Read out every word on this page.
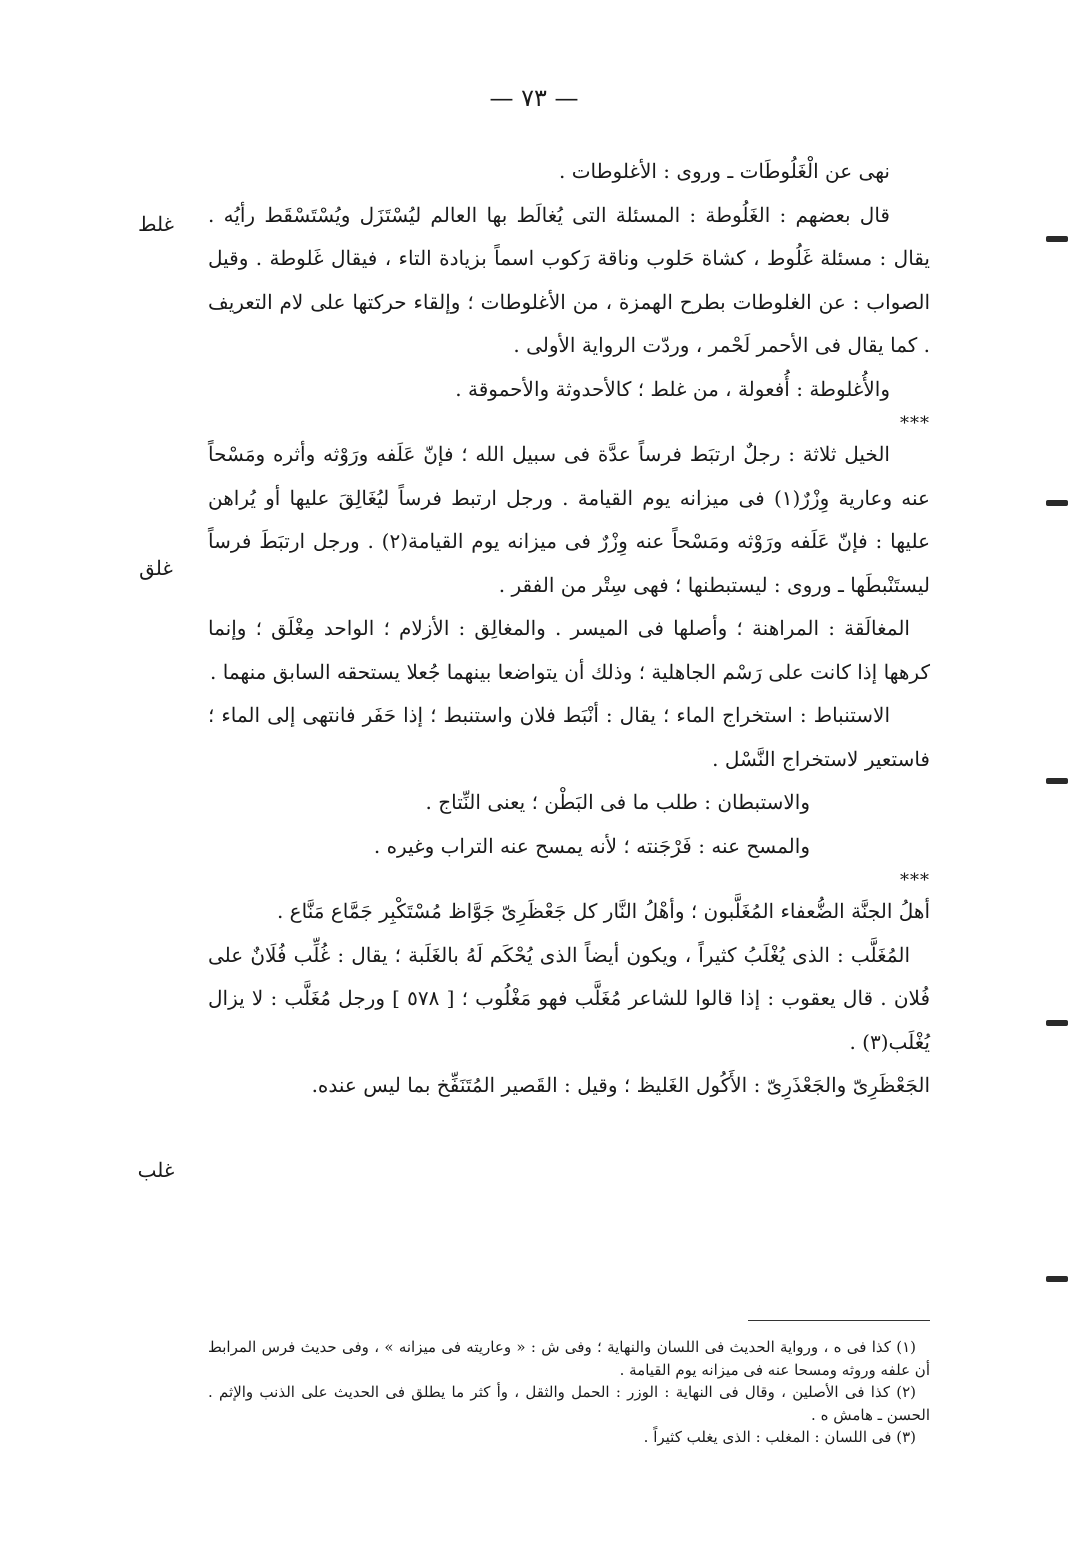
— ٧٣ —
غلط
غلق
غلب

نهى عن الْغَلُوطَات ـ وروى : الأغلوطات .

قال بعضهم : الغَلُوطة : المسئلة التى يُغالَط بها العالم ليُسْتَزَل ويُسْتَسْقَط رأيُه . يقال : مسئلة غَلُوط ، كشاة حَلوب وناقة رَكوب اسماً بزيادة التاء ، فيقال غَلوطة . وقيل الصواب : عن الغلوطات بطرح الهمزة ، من الأغلوطات ؛ وإلقاء حركتها على لام التعريف . كما يقال فى الأحمر لَحْمر ، وردّت الرواية الأولى .

والأُغلوطة : أُفعولة ، من غلط ؛ كالأحدوثة والأحموقة .

***

الخيل ثلاثة : رجلٌ ارتبَط فرساً عدَّة فى سبيل الله ؛ فإنّ عَلَفه ورَوْثه وأثره ومَسْحاً عنه وعارية وِزْرٌ(١) فى ميزانه يوم القيامة . ورجل ارتبط فرساً ليُغَالِقَ عليها أو يُراهن عليها : فإنّ عَلَفه ورَوْثه ومَسْحاً عنه وِزْرٌ فى ميزانه يوم القيامة(٢) . ورجل ارتبَطَ فرساً ليستَنْبطَها ـ وروى : ليستبطنها ؛ فهى سِتْر من الفقر .

المغالَقة : المراهنة ؛ وأصلها فى الميسر . والمغالِق : الأزلام ؛ الواحد مِغْلَق ؛ وإنما كرهها إذا كانت على رَسْم الجاهلية ؛ وذلك أن يتواضعا بينهما جُعلا يستحقه السابق منهما .

الاستنباط : استخراج الماء ؛ يقال : أنْبَط فلان واستنبط ؛ إذا حَفَر فانتهى إلى الماء ؛ فاستعير لاستخراج النَّسْل .

والاستبطان : طلب ما فى البَطْن ؛ يعنى النِّتاج .

والمسح عنه : فَرْجَنته ؛ لأنه يمسح عنه التراب وغيره .

***

أهلُ الجنَّة الضُّعفاء المُغَلَّبون ؛ وأهْلُ النَّار كل جَعْظَرِىّ جَوَّاظ مُسْتَكْبِر جَمَّاع مَنَّاع .

المُغَلَّب : الذى يُغْلَبُ كثيراً ، ويكون أيضاً الذى يُحْكَم لَهُ بالغَلَبة ؛ يقال : غُلِّب فُلَانٌ على فُلان . قال يعقوب : إذا قالوا للشاعر مُغَلَّب فهو مَغْلُوب ؛ [ ٥٧٨ ] ورجل مُغَلَّب : لا يزال يُغْلَب(٣) .

الجَعْظَرِىّ والجَعْذَرِىّ : الأَكُول الغَليظ ؛ وقيل : القَصير المُتَنَفِّخ بما ليس عنده.

(١) كذا فى ه ، ورواية الحديث فى اللسان والنهاية ؛ وفى ش : « وعاريته فى ميزانه » ، وفى حديث فرس المرابط أن علفه وروثه ومسحا عنه فى ميزانه يوم القيامة .

(٢) كذا فى الأصلين ، وقال فى النهاية : الوزر : الحمل والثقل ، وأ كثر ما يطلق فى الحديث على الذنب والإثم . الحسن ـ هامش ه .

(٣) فى اللسان : المغلب : الذى يغلب كثيراً .
